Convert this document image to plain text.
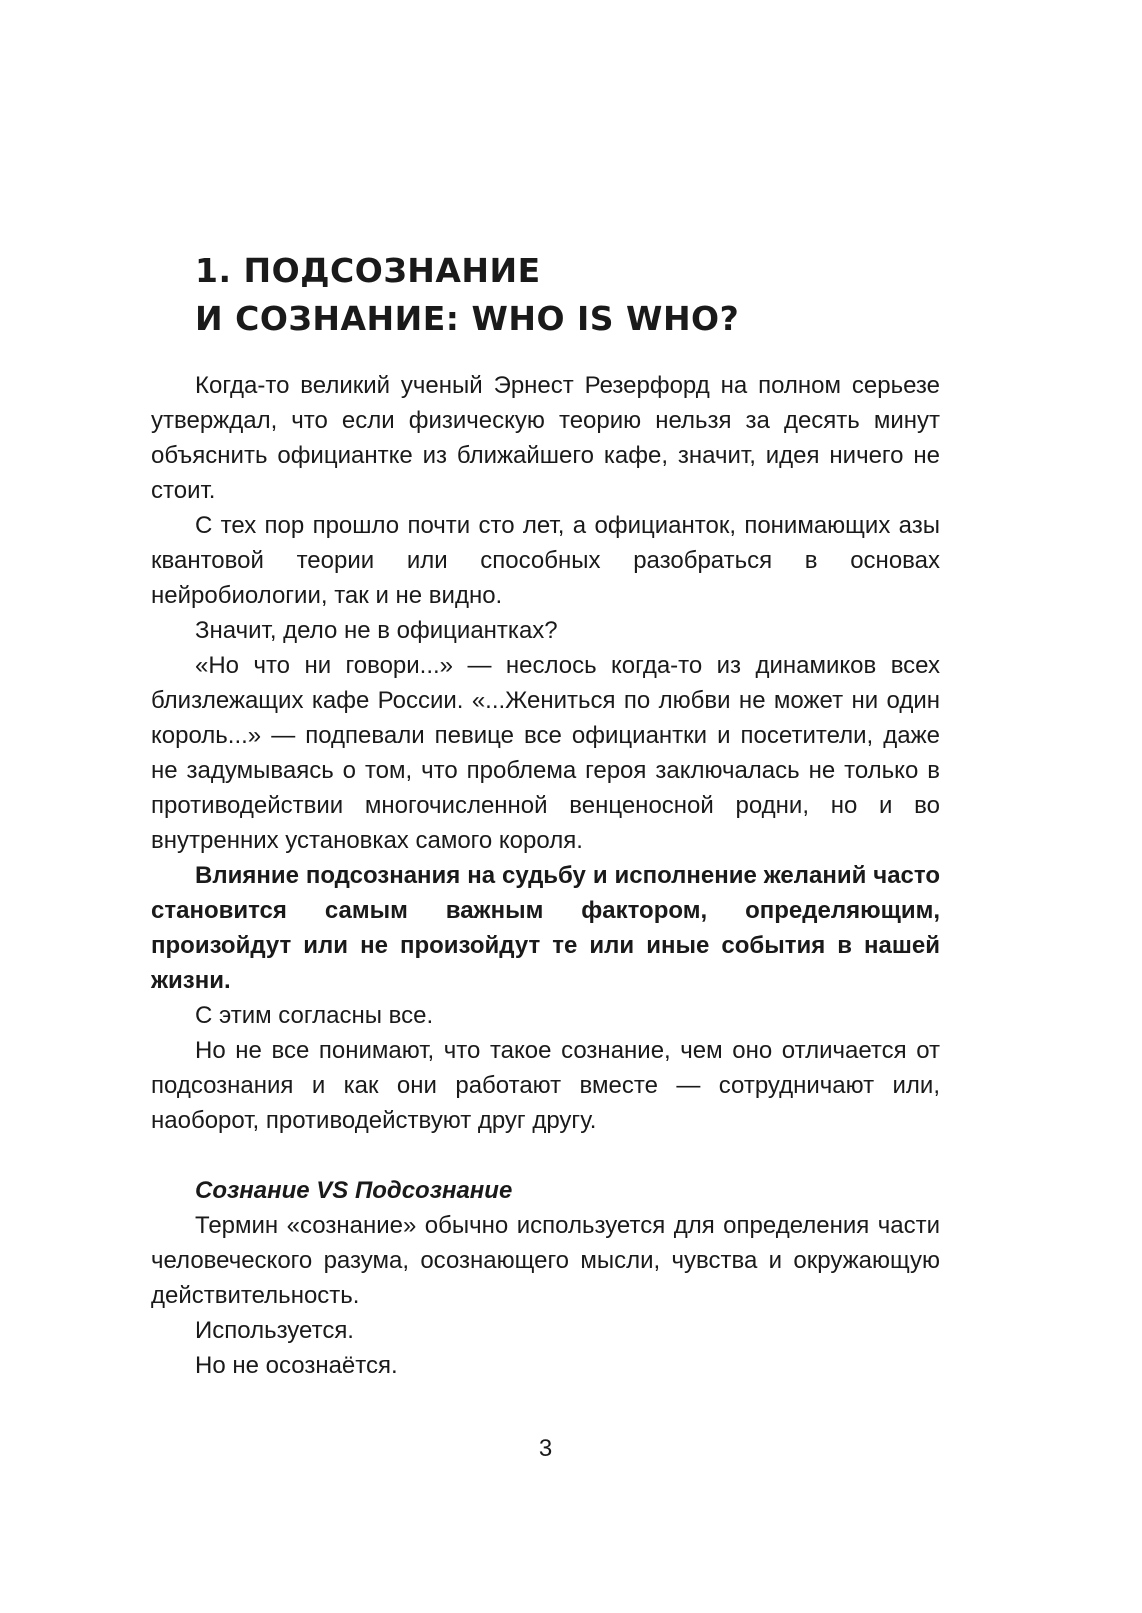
1. ПОДСОЗНАНИЕ
И СОЗНАНИЕ: WHO IS WHO?

Когда-то великий ученый Эрнест Резерфорд на полном серьезе утверждал, что если физическую теорию нельзя за десять минут объяснить официантке из ближайшего кафе, значит, идея ничего не стоит.

С тех пор прошло почти сто лет, а официанток, понимающих азы квантовой теории или способных разобраться в основах нейробиологии, так и не видно.

Значит, дело не в официантках?

«Но что ни говори...» — неслось когда-то из динамиков всех близлежащих кафе России. «...Жениться по любви не может ни один король...» — подпевали певице все официантки и посетители, даже не задумываясь о том, что проблема героя заключалась не только в противодействии многочисленной венценосной родни, но и во внутренних установках самого короля.

Влияние подсознания на судьбу и исполнение желаний часто становится самым важным фактором, определяющим, произойдут или не произойдут те или иные события в нашей жизни.

С этим согласны все.

Но не все понимают, что такое сознание, чем оно отличается от подсознания и как они работают вместе — сотрудничают или, наоборот, противодействуют друг другу.

Сознание VS Подсознание

Термин «сознание» обычно используется для определения части человеческого разума, осознающего мысли, чувства и окружающую действительность.

Используется.

Но не осознаётся.

3
